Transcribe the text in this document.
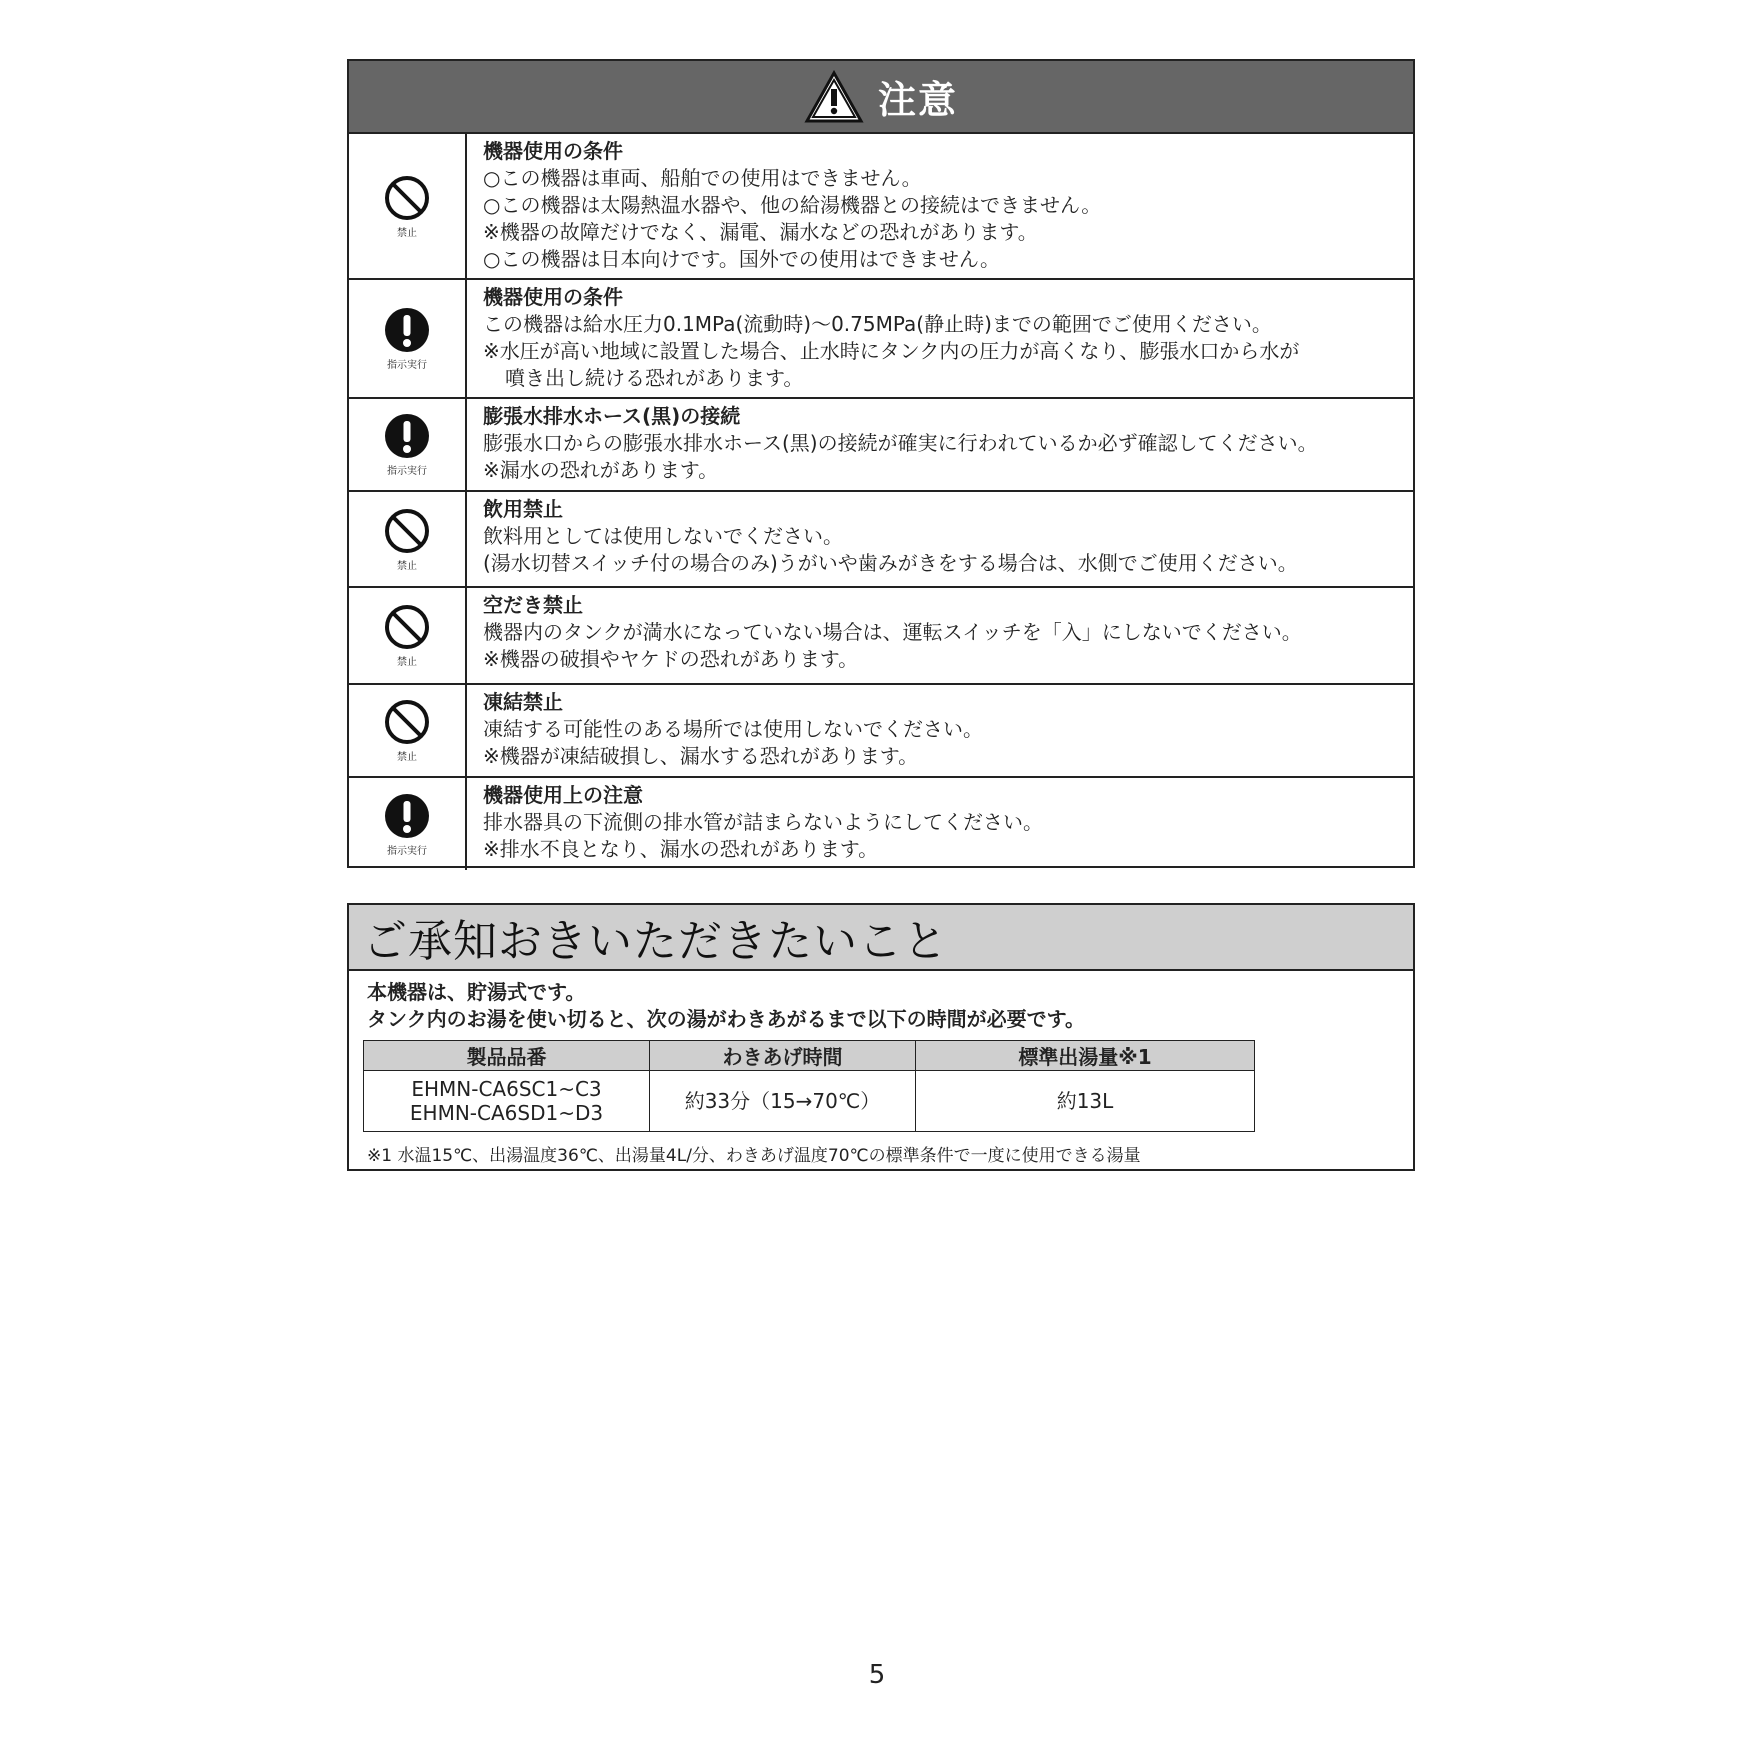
注意
禁止
機器使用の条件
○この機器は車両、船舶での使用はできません。
○この機器は太陽熱温水器や、他の給湯機器との接続はできません。
※機器の故障だけでなく、漏電、漏水などの恐れがあります。
○この機器は日本向けです。国外での使用はできません。
指示実行
機器使用の条件
この機器は給水圧力0.1MPa(流動時)～0.75MPa(静止時)までの範囲でご使用ください。
※水圧が高い地域に設置した場合、止水時にタンク内の圧力が高くなり、膨張水口から水が
噴き出し続ける恐れがあります。
指示実行
膨張水排水ホース(黒)の接続
膨張水口からの膨張水排水ホース(黒)の接続が確実に行われているか必ず確認してください。
※漏水の恐れがあります。
禁止
飲用禁止
飲料用としては使用しないでください。
(湯水切替スイッチ付の場合のみ)うがいや歯みがきをする場合は、水側でご使用ください。
禁止
空だき禁止
機器内のタンクが満水になっていない場合は、運転スイッチを「入」にしないでください。
※機器の破損やヤケドの恐れがあります。
禁止
凍結禁止
凍結する可能性のある場所では使用しないでください。
※機器が凍結破損し、漏水する恐れがあります。
指示実行
機器使用上の注意
排水器具の下流側の排水管が詰まらないようにしてください。
※排水不良となり、漏水の恐れがあります。
ご承知おきいただきたいこと
本機器は、貯湯式です。
タンク内のお湯を使い切ると、次の湯がわきあがるまで以下の時間が必要です。
製品品番	わきあげ時間	標準出湯量※1

EHMN-CA6SC1~C3
EHMN-CA6SD1~D3	約33分（15→70℃）	約13L
※1 水温15℃、出湯温度36℃、出湯量4L/分、わきあげ温度70℃の標準条件で一度に使用できる湯量
5
